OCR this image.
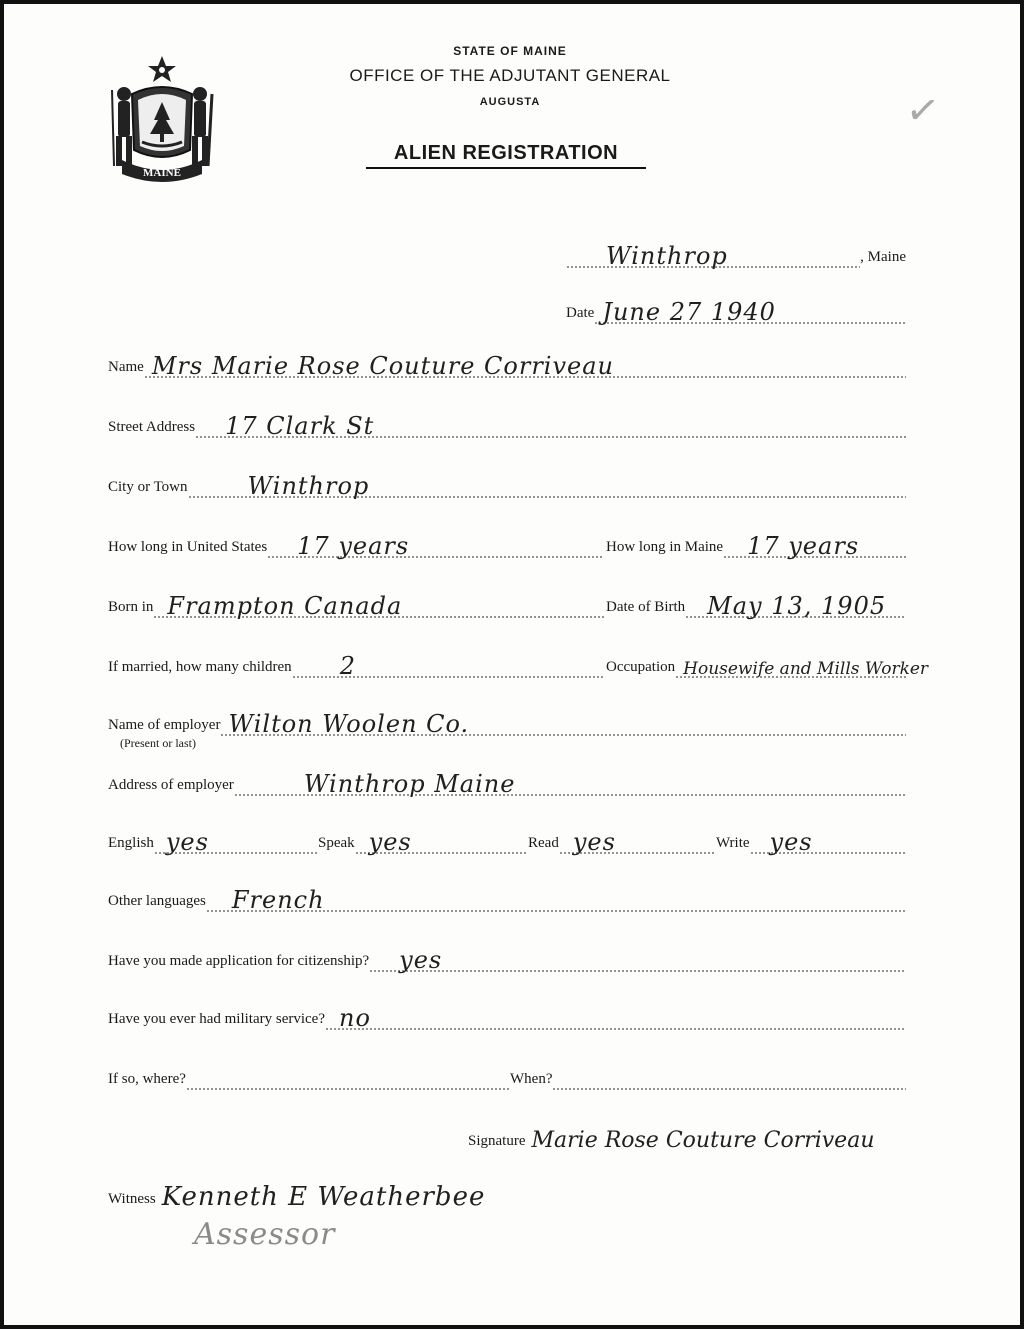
MAINE
STATE OF MAINE
OFFICE OF THE ADJUTANT GENERAL
AUGUSTA
ALIEN REGISTRATION
✓
Winthrop	, Maine
Date June 27 1940
Name Mrs Marie Rose Couture Corriveau
Street Address 17 Clark St
City or Town	Winthrop
How long in United States 17 years	How long in Maine 17 years
Born in Frampton Canada	Date of Birth May 13, 1905
If married, how many children 2	Occupation Housewife and Mills Worker
Name of employer Wilton Woolen Co.
(Present or last)
Address of employer	Winthrop Maine
English yes	Speak yes	Read yes	Write yes
Other languages French
Have you made application for citizenship? yes
Have you ever had military service? no
If so, where?	When?
Signature Marie Rose Couture Corriveau
Witness Kenneth E Weatherbee
Assessor
